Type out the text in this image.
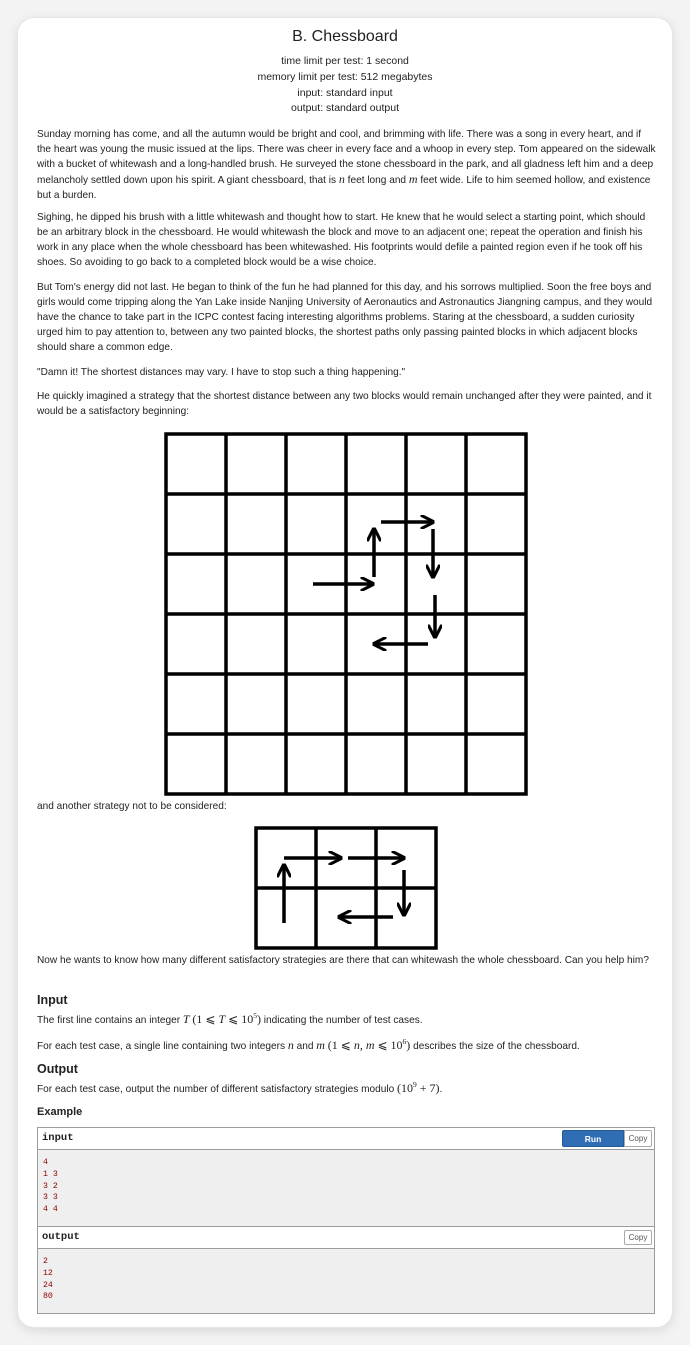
B. Chessboard
time limit per test: 1 second
memory limit per test: 512 megabytes
input: standard input
output: standard output
Sunday morning has come, and all the autumn would be bright and cool, and brimming with life. There was a song in every heart, and if the heart was young the music issued at the lips. There was cheer in every face and a whoop in every step. Tom appeared on the sidewalk with a bucket of whitewash and a long-handled brush. He surveyed the stone chessboard in the park, and all gladness left him and a deep melancholy settled down upon his spirit. A giant chessboard, that is n feet long and m feet wide. Life to him seemed hollow, and existence but a burden.
Sighing, he dipped his brush with a little whitewash and thought how to start. He knew that he would select a starting point, which should be an arbitrary block in the chessboard. He would whitewash the block and move to an adjacent one; repeat the operation and finish his work in any place when the whole chessboard has been whitewashed. His footprints would defile a painted region even if he took off his shoes. So avoiding to go back to a completed block would be a wise choice.
But Tom's energy did not last. He began to think of the fun he had planned for this day, and his sorrows multiplied. Soon the free boys and girls would come tripping along the Yan Lake inside Nanjing University of Aeronautics and Astronautics Jiangning campus, and they would have the chance to take part in the ICPC contest facing interesting algorithms problems. Staring at the chessboard, a sudden curiosity urged him to pay attention to, between any two painted blocks, the shortest paths only passing painted blocks in which adjacent blocks should share a common edge.
"Damn it! The shortest distances may vary. I have to stop such a thing happening."
He quickly imagined a strategy that the shortest distance between any two blocks would remain unchanged after they were painted, and it would be a satisfactory beginning:
and another strategy not to be considered:
Now he wants to know how many different satisfactory strategies are there that can whitewash the whole chessboard. Can you help him?
Input
The first line contains an integer T (1 ⩽ T ⩽ $10^5$) indicating the number of test cases.
For each test case, a single line containing two integers n and m (1 ⩽ n, m ⩽ $10^6$) describes the size of the chessboard.
Output
For each test case, output the number of different satisfactory strategies modulo $(10^9 + 7)$.
Example
input	Run	Copy
4
1 3
3 2
3 3
4 4
output	Copy
2
12
24
80
